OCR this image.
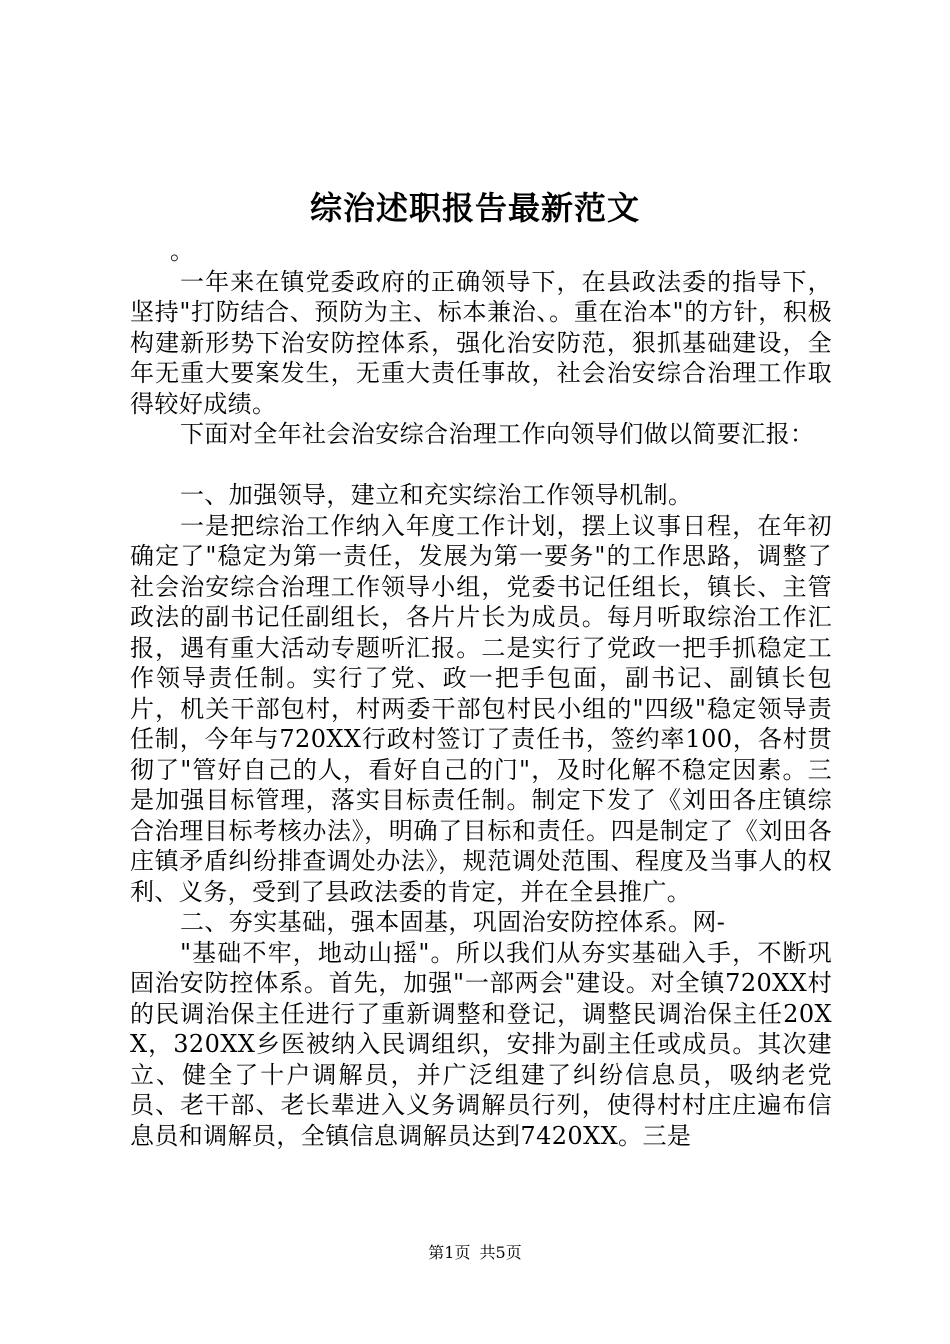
综治述职报告最新范文

。

一年来在镇党委政府的正确领导下，在县政法委的指导下，坚持"打防结合、预防为主、标本兼治、。重在治本"的方针，积极构建新形势下治安防控体系，强化治安防范，狠抓基础建设，全年无重大要案发生，无重大责任事故，社会治安综合治理工作取得较好成绩。

下面对全年社会治安综合治理工作向领导们做以简要汇报：

一、加强领导，建立和充实综治工作领导机制。

一是把综治工作纳入年度工作计划，摆上议事日程，在年初确定了"稳定为第一责任，发展为第一要务"的工作思路，调整了社会治安综合治理工作领导小组，党委书记任组长，镇长、主管政法的副书记任副组长，各片片长为成员。每月听取综治工作汇报，遇有重大活动专题听汇报。二是实行了党政一把手抓稳定工作领导责任制。实行了党、政一把手包面，副书记、副镇长包片，机关干部包村，村两委干部包村民小组的"四级"稳定领导责任制，今年与720XX行政村签订了责任书，签约率100，各村贯彻了"管好自己的人，看好自己的门"，及时化解不稳定因素。三是加强目标管理，落实目标责任制。制定下发了《刘田各庄镇综合治理目标考核办法》，明确了目标和责任。四是制定了《刘田各庄镇矛盾纠纷排查调处办法》，规范调处范围、程度及当事人的权利、义务，受到了县政法委的肯定，并在全县推广。

二、夯实基础，强本固基，巩固治安防控体系。网-

"基础不牢，地动山摇"。所以我们从夯实基础入手，不断巩固治安防控体系。首先，加强"一部两会"建设。对全镇720XX村的民调治保主任进行了重新调整和登记，调整民调治保主任20XX，320XX乡医被纳入民调组织，安排为副主任或成员。其次建立、健全了十户调解员，并广泛组建了纠纷信息员，吸纳老党员、老干部、老长辈进入义务调解员行列，使得村村庄庄遍布信息员和调解员，全镇信息调解员达到7420XX。三是

第1页 共5页
